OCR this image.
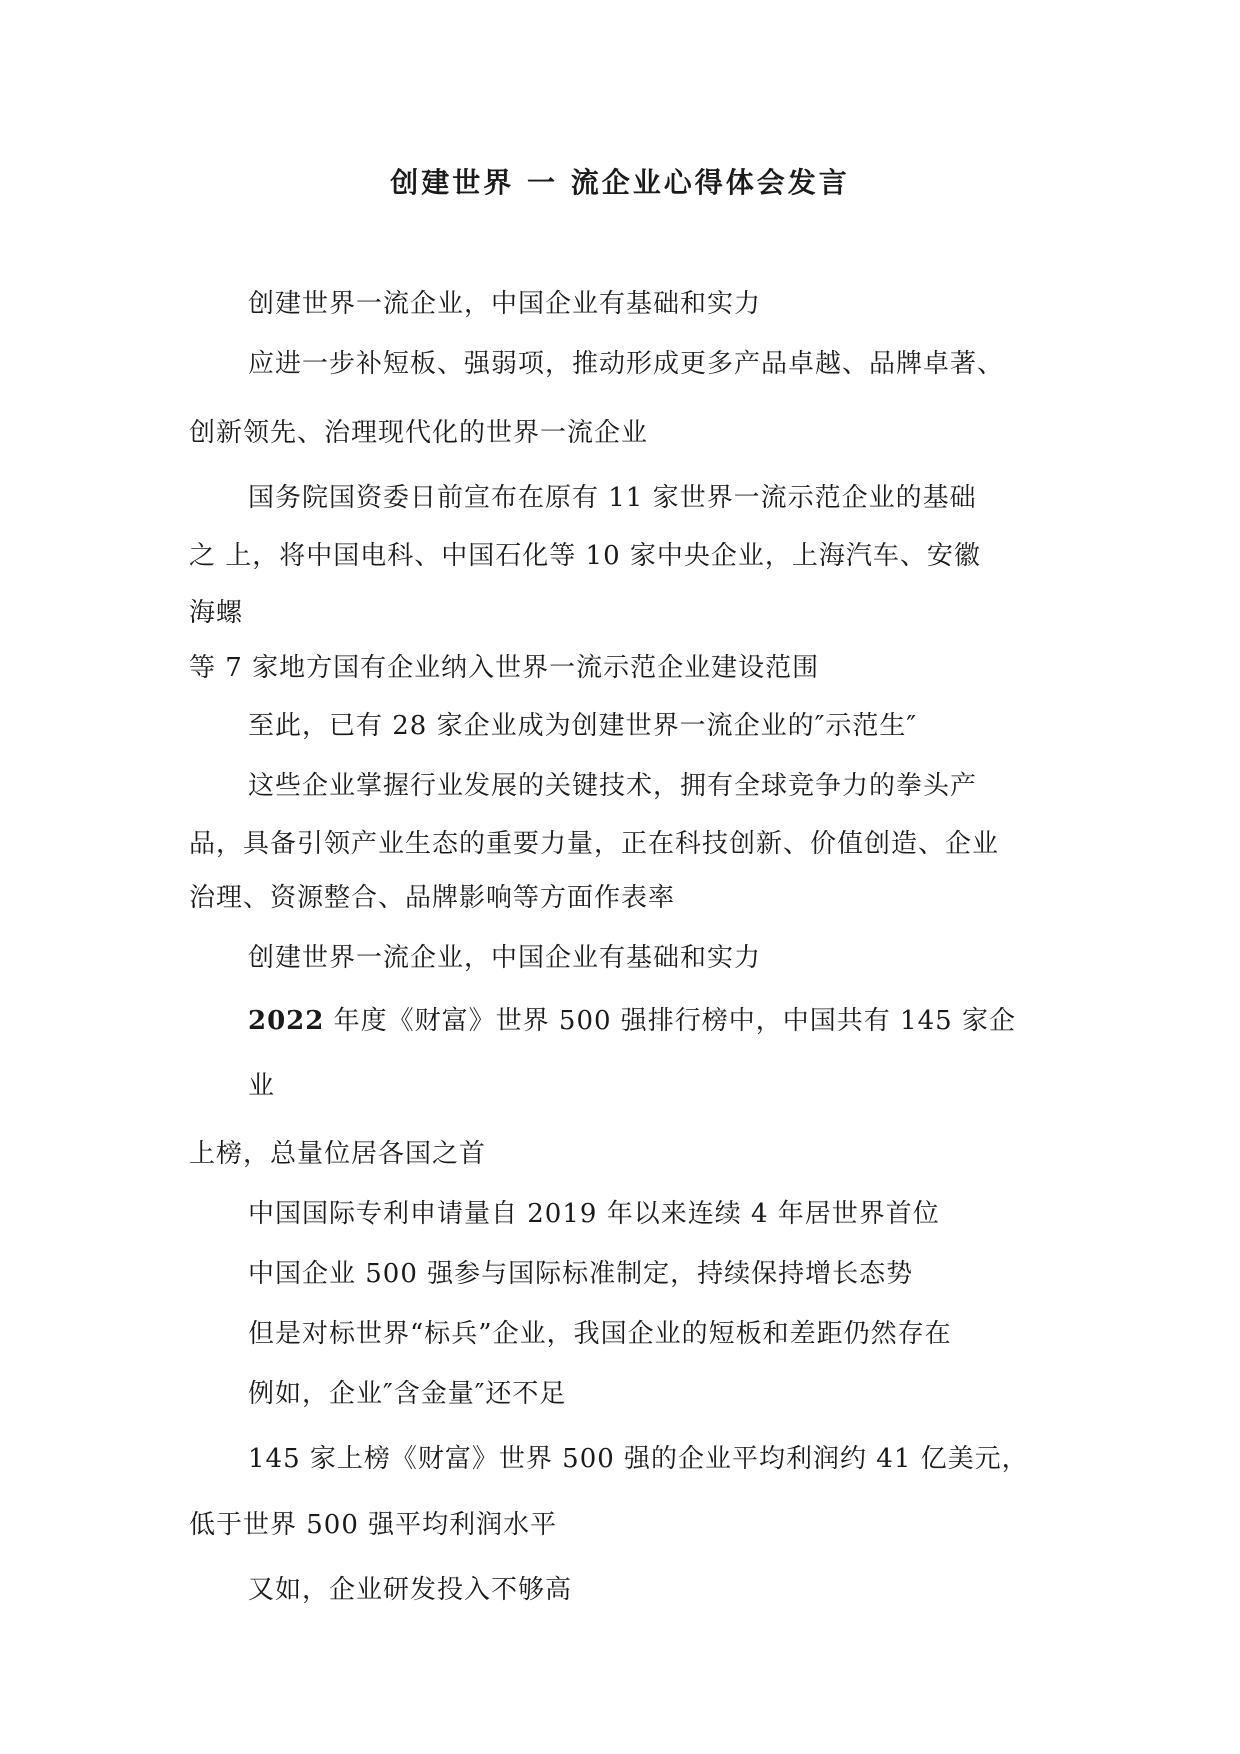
创建世界 一 流企业心得体会发言

创建世界一流企业，中国企业有基础和实力

应进一步补短板、强弱项，推动形成更多产品卓越、品牌卓著、

创新领先、治理现代化的世界一流企业

国务院国资委日前宣布在原有 11 家世界一流示范企业的基础

之 上，将中国电科、中国石化等 10 家中央企业，上海汽车、安徽

海螺

等 7 家地方国有企业纳入世界一流示范企业建设范围

至此，已有 28 家企业成为创建世界一流企业的″示范生″

这些企业掌握行业发展的关键技术，拥有全球竞争力的拳头产

品，具备引领产业生态的重要力量，正在科技创新、价值创造、企业

治理、资源整合、品牌影响等方面作表率

创建世界一流企业，中国企业有基础和实力

2022 年度《财富》世界 500 强排行榜中，中国共有 145 家企

业

上榜，总量位居各国之首

中国国际专利申请量自 2019 年以来连续 4 年居世界首位

中国企业 500 强参与国际标准制定，持续保持增长态势

但是对标世界“标兵”企业，我国企业的短板和差距仍然存在

例如，企业″含金量″还不足

145 家上榜《财富》世界 500 强的企业平均利润约 41 亿美元，

低于世界 500 强平均利润水平

又如，企业研发投入不够高
